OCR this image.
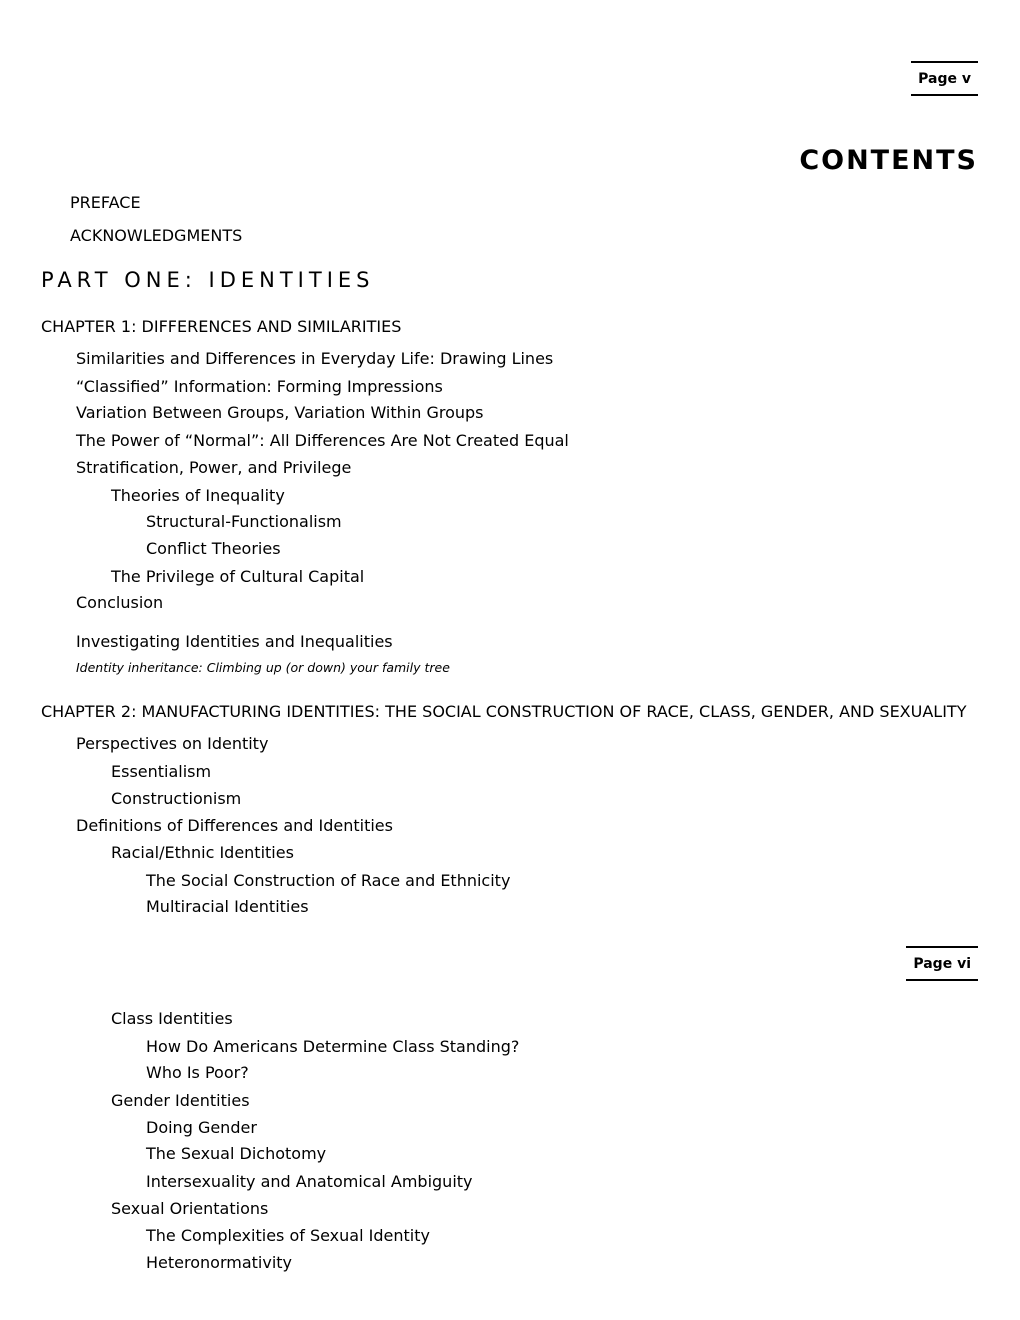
Page v
Page vi
CONTENTS
PREFACE
ACKNOWLEDGMENTS
PART ONE: IDENTITIES
CHAPTER 1: DIFFERENCES AND SIMILARITIES
Similarities and Differences in Everyday Life: Drawing Lines
“Classified” Information: Forming Impressions
Variation Between Groups, Variation Within Groups
The Power of “Normal”: All Differences Are Not Created Equal
Stratification, Power, and Privilege
Theories of Inequality
Structural-Functionalism
Conflict Theories
The Privilege of Cultural Capital
Conclusion
Investigating Identities and Inequalities
Identity inheritance: Climbing up (or down) your family tree
CHAPTER 2: MANUFACTURING IDENTITIES: THE SOCIAL CONSTRUCTION OF RACE, CLASS, GENDER, AND SEXUALITY
Perspectives on Identity
Essentialism
Constructionism
Definitions of Differences and Identities
Racial/Ethnic Identities
The Social Construction of Race and Ethnicity
Multiracial Identities
Class Identities
How Do Americans Determine Class Standing?
Who Is Poor?
Gender Identities
Doing Gender
The Sexual Dichotomy
Intersexuality and Anatomical Ambiguity
Sexual Orientations
The Complexities of Sexual Identity
Heteronormativity
